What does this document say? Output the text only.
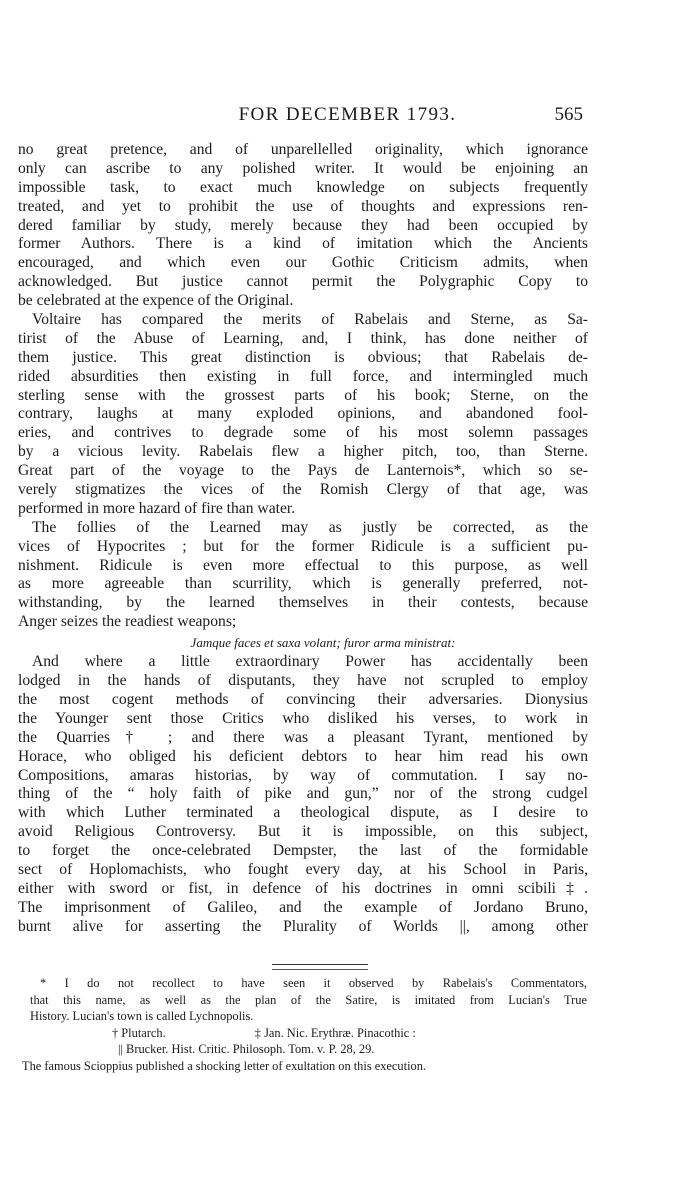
FOR DECEMBER 1793.	565
no great pretence, and of unparellelled originality, which ignorance
only can ascribe to any polished writer. It would be enjoining an
impossible task, to exact much knowledge on subjects frequently
treated, and yet to prohibit the use of thoughts and expressions ren-
dered familiar by study, merely because they had been occupied by
former Authors. There is a kind of imitation which the Ancients
encouraged, and which even our Gothic Criticism admits, when
acknowledged. But justice cannot permit the Polygraphic Copy to
be celebrated at the expence of the Original.
Voltaire has compared the merits of Rabelais and Sterne, as Sa-
tirist of the Abuse of Learning, and, I think, has done neither of
them justice. This great distinction is obvious; that Rabelais de-
rided absurdities then existing in full force, and intermingled much
sterling sense with the grossest parts of his book; Sterne, on the
contrary, laughs at many exploded opinions, and abandoned fool-
eries, and contrives to degrade some of his most solemn passages
by a vicious levity. Rabelais flew a higher pitch, too, than Sterne.
Great part of the voyage to the Pays de Lanternois*, which so se-
verely stigmatizes the vices of the Romish Clergy of that age, was
performed in more hazard of fire than water.
The follies of the Learned may as justly be corrected, as the
vices of Hypocrites ; but for the former Ridicule is a sufficient pu-
nishment. Ridicule is even more effectual to this purpose, as well
as more agreeable than scurrility, which is generally preferred, not-
withstanding, by the learned themselves in their contests, because
Anger seizes the readiest weapons;
Jamque faces et saxa volant; furor arma ministrat:
And where a little extraordinary Power has accidentally been
lodged in the hands of disputants, they have not scrupled to employ
the most cogent methods of convincing their adversaries. Dionysius
the Younger sent those Critics who disliked his verses, to work in
the Quarries† ; and there was a pleasant Tyrant, mentioned by
Horace, who obliged his deficient debtors to hear him read his own
Compositions, amaras historias, by way of commutation. I say no-
thing of the “ holy faith of pike and gun,” nor of the strong cudgel
with which Luther terminated a theological dispute, as I desire to
avoid Religious Controversy. But it is impossible, on this subject,
to forget the once-celebrated Dempster, the last of the formidable
sect of Hoplomachists, who fought every day, at his School in Paris,
either with sword or fist, in defence of his doctrines in omni scibili‡.
The imprisonment of Galileo, and the example of Jordano Bruno,
burnt alive for asserting the Plurality of Worlds ||, among other
* I do not recollect to have seen it observed by Rabelais's Commentators,
that this name, as well as the plan of the Satire, is imitated from Lucian's True
History. Lucian's town is called Lychnopolis.
† Plutarch.	‡ Jan. Nic. Erythræ. Pinacothic :
|| Brucker. Hist. Critic. Philosoph. Tom. v. P. 28, 29.
The famous Scioppius published a shocking letter of exultation on this execution.
